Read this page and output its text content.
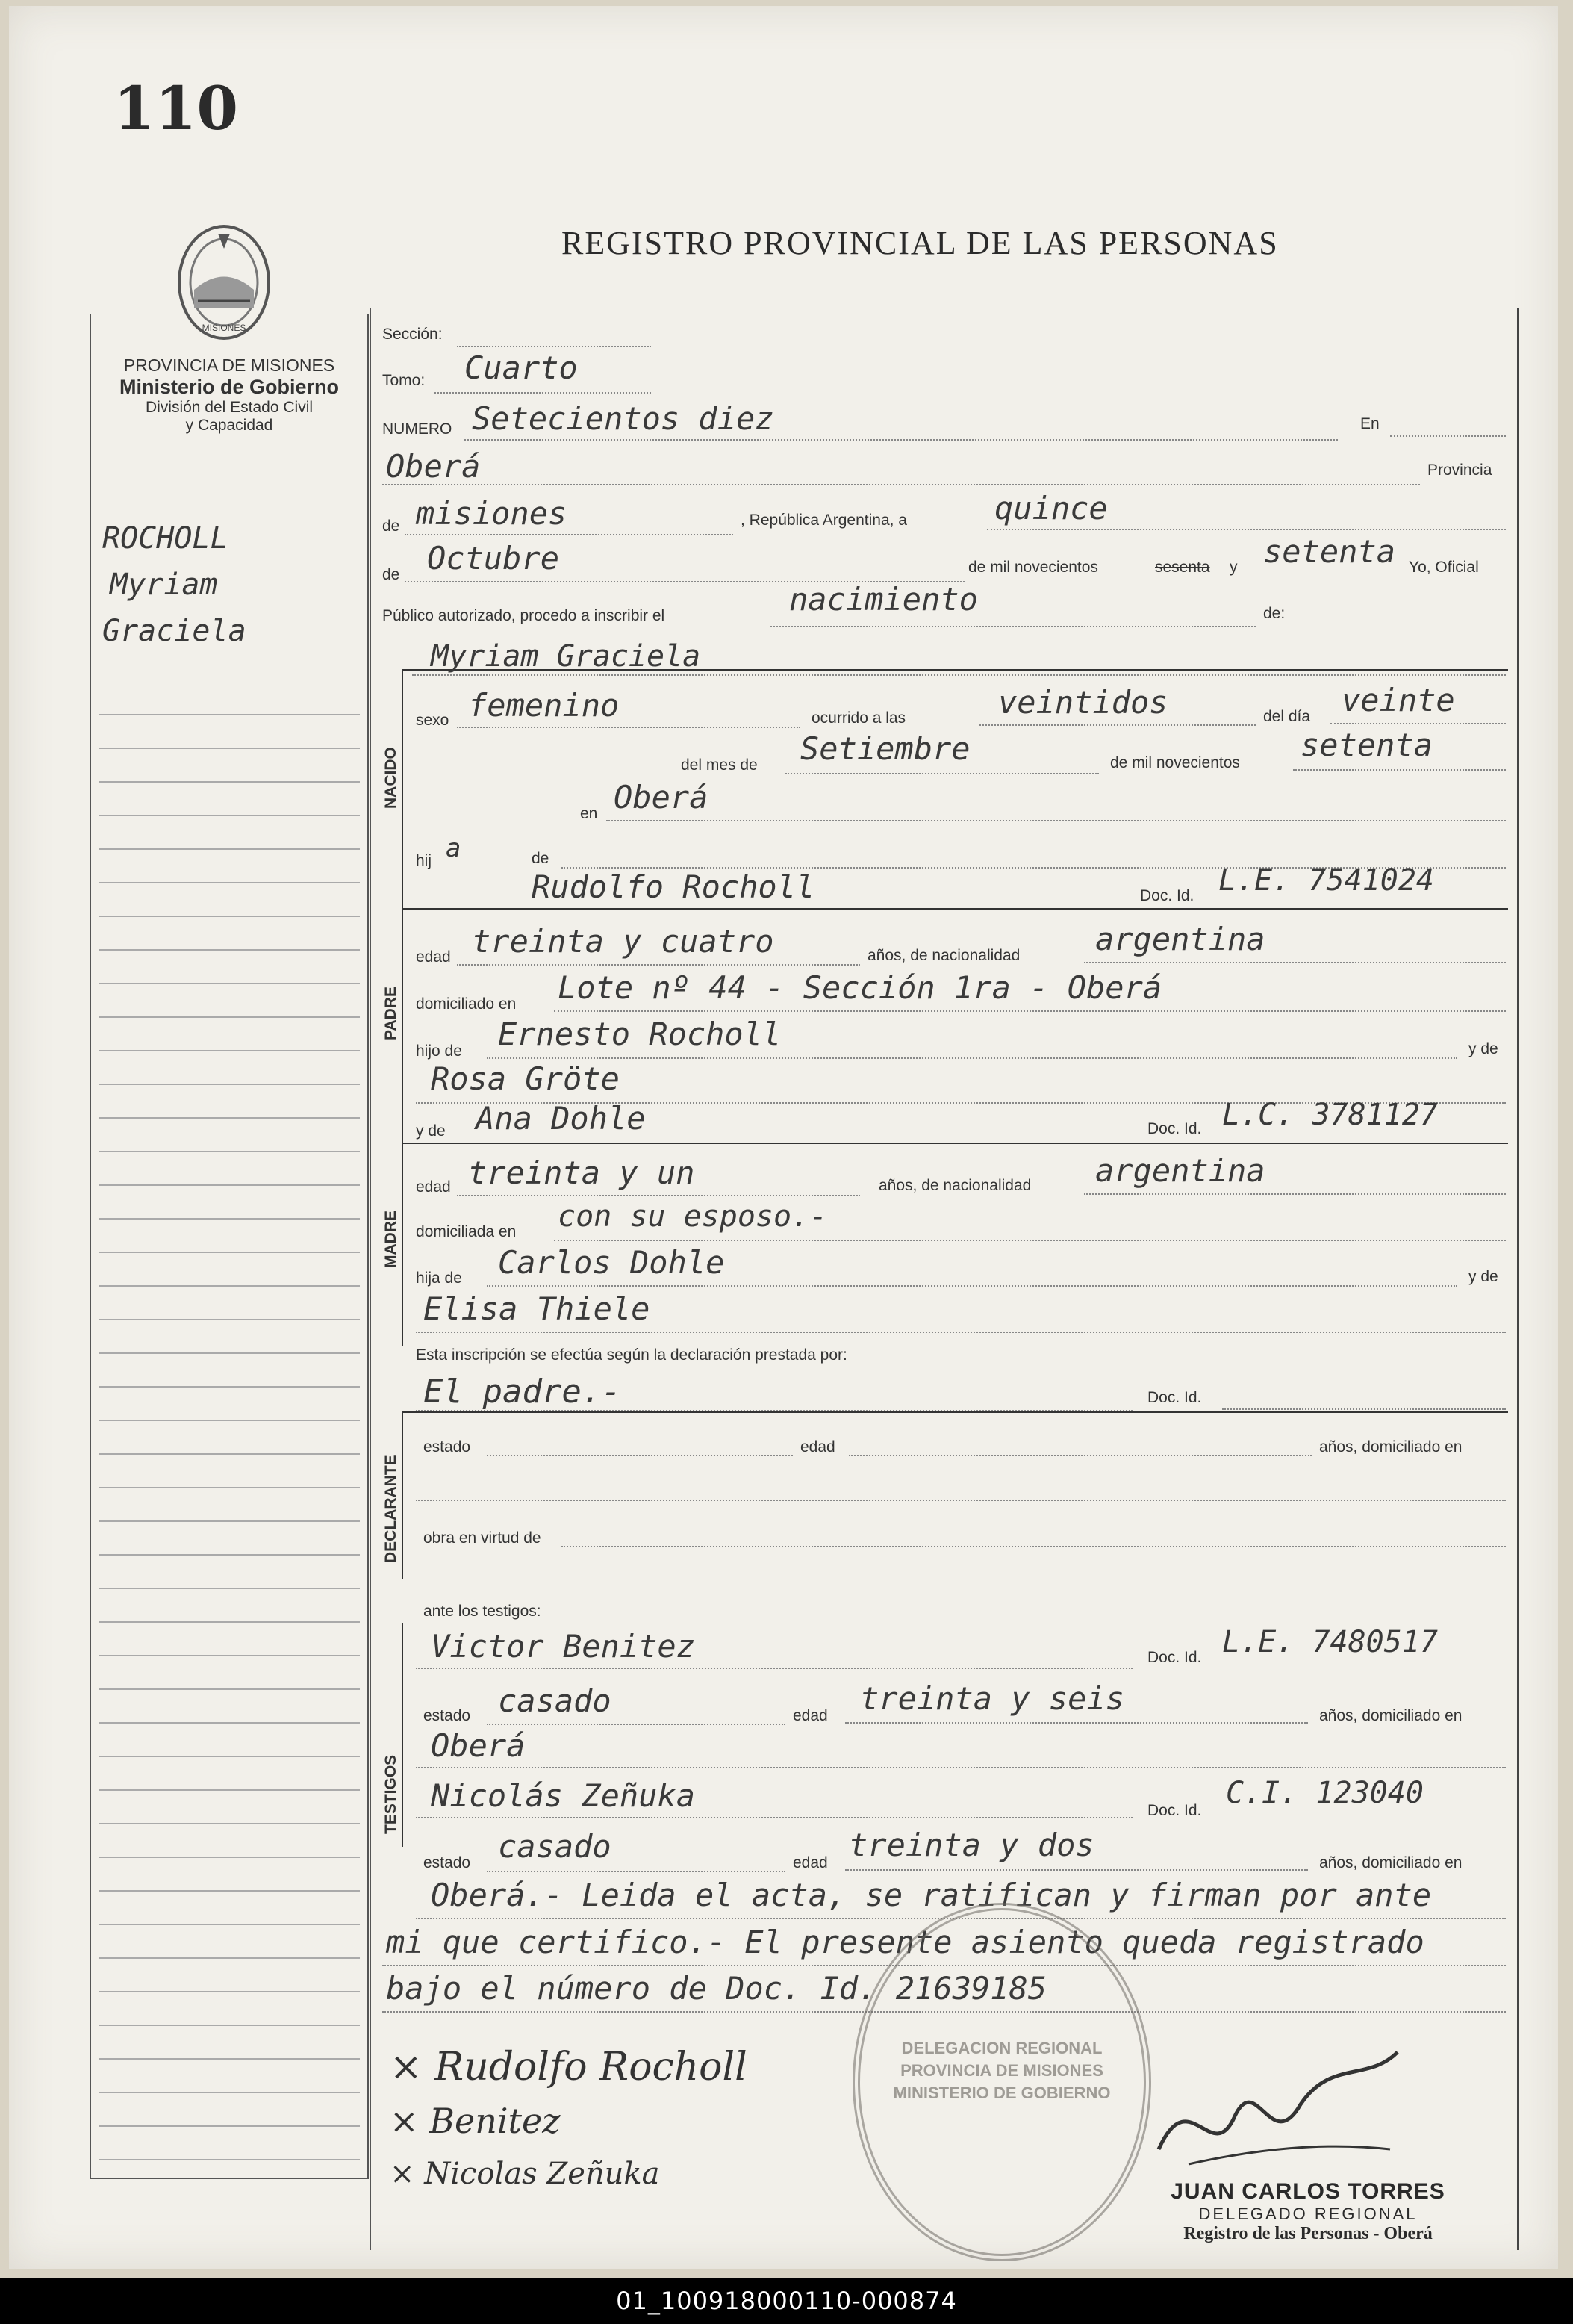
110
REGISTRO PROVINCIAL DE LAS PERSONAS
MISIONES
PROVINCIA DE MISIONES
Ministerio de Gobierno
División del Estado Civil
y Capacidad
ROCHOLL
Myriam
Graciela
Sección:
Tomo: Cuarto
NUMERO Setecientos diez	En
Oberá	Provincia
de misiones	, República Argentina, a	quince
de Octubre	de mil novecientos	sesenta y setenta Yo, Oficial
Público autorizado, procedo a inscribir el	nacimiento	de:
NACIDO
Myriam Graciela
sexo femenino	ocurrido a las	veintidos	del día veinte
del mes de Setiembre	de mil novecientos setenta
en Oberá
hij a	de
Rudolfo Rocholl	Doc. Id. L.E. 7541024
PADRE
edad treinta y cuatro	años, de nacionalidad argentina
domiciliado en Lote nº 44 - Sección 1ra - Oberá
hijo de Ernesto Rocholl	y de
Rosa Gröte
y de Ana Dohle	Doc. Id. L.C. 3781127
MADRE
edad treinta y un	años, de nacionalidad argentina
domiciliada en con su esposo.-
hija de Carlos Dohle	y de
Elisa Thiele
Esta inscripción se efectúa según la declaración prestada por:
El padre.-	Doc. Id.
DECLARANTE
estado	edad	años, domiciliado en
obra en virtud de
ante los testigos:
TESTIGOS
Victor Benitez	Doc. Id. L.E. 7480517
estado casado	edad treinta y seis	años, domiciliado en
Oberá
Nicolás Zeñuka	Doc. Id.
C.I. 123040
estado casado	edad treinta y dos	años, domiciliado en
Oberá.- Leida el acta, se ratifican y firman por ante
mi que certifico.- El presente asiento queda registrado
bajo el número de Doc. Id. 21639185
DELEGACION REGIONAL
PROVINCIA DE MISIONES
MINISTERIO DE GOBIERNO
× Rudolfo Rocholl
× Benitez
× Nicolas Zeñuka
JUAN CARLOS TORRES
DELEGADO REGIONAL
Registro de las Personas - Oberá
01_100918000110-000874
